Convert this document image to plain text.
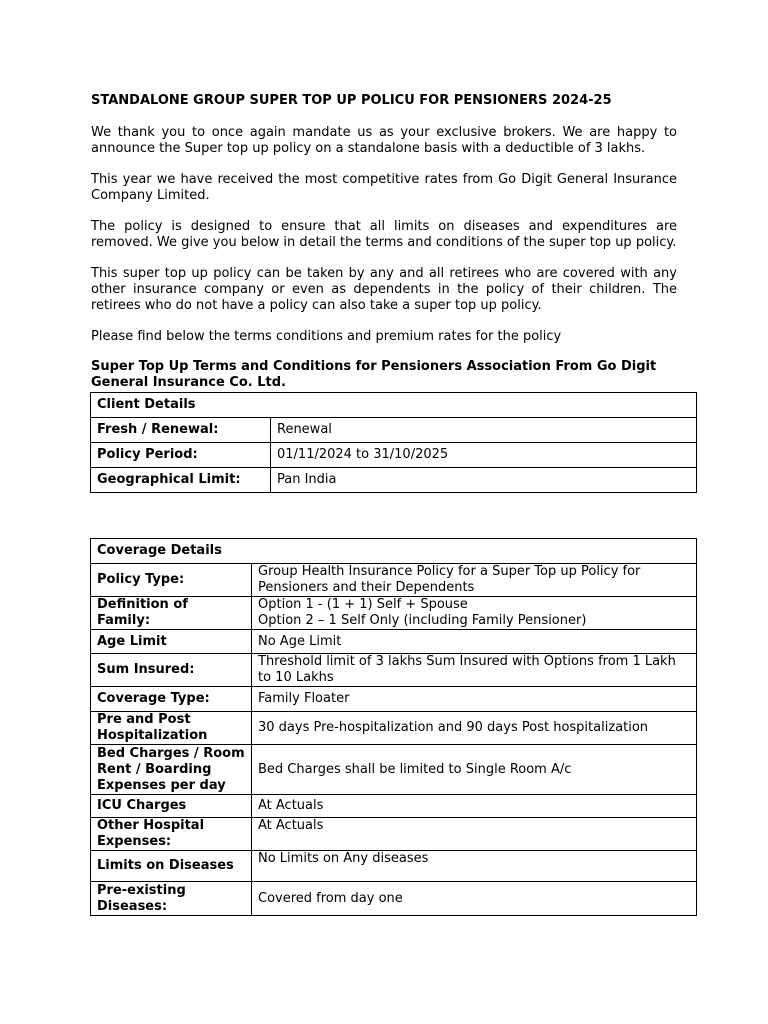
STANDALONE GROUP SUPER TOP UP POLICU FOR PENSIONERS 2024-25
We thank you to once again mandate us as your exclusive brokers. We are happy to announce the Super top up policy on a standalone basis with a deductible of 3 lakhs.
This year we have received the most competitive rates from Go Digit General Insurance Company Limited.
The policy is designed to ensure that all limits on diseases and expenditures are removed. We give you below in detail the terms and conditions of the super top up policy.
This super top up policy can be taken by any and all retirees who are covered with any other insurance company or even as dependents in the policy of their children. The retirees who do not have a policy can also take a super top up policy.
Please find below the terms conditions and premium rates for the policy
Super Top Up Terms and Conditions for Pensioners Association From Go Digit General Insurance Co. Ltd.
Client Details	
Fresh / Renewal:	Renewal
Policy Period:	01/11/2024 to 31/10/2025
Geographical Limit:	Pan India
Coverage Details	
Policy Type:	Group Health Insurance Policy for a Super Top up Policy for Pensioners and their Dependents
Definition of Family:	Option 1 - (1 + 1) Self + Spouse
Option 2 – 1 Self Only (including Family Pensioner)

Age Limit	No Age Limit
Sum Insured:	Threshold limit of 3 lakhs Sum Insured with Options from 1 Lakh to 10 Lakhs
Coverage Type:	Family Floater
Pre and Post Hospitalization	30 days Pre-hospitalization and 90 days Post hospitalization
Bed Charges / Room Rent / Boarding Expenses per day	Bed Charges shall be limited to Single Room A/c
ICU Charges	At Actuals
Other Hospital Expenses:	At Actuals
Limits on Diseases	No Limits on Any diseases
Pre-existing Diseases:	Covered from day one
